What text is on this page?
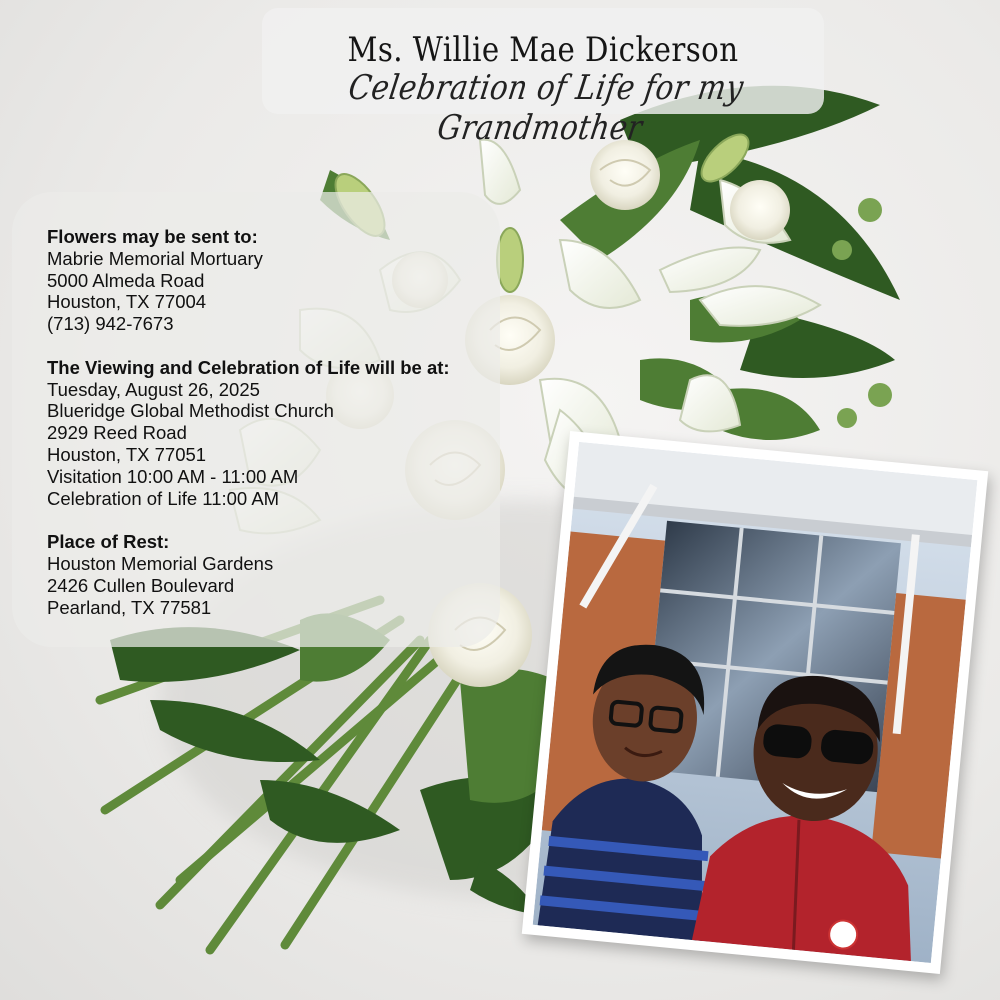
Ms. Willie Mae Dickerson
Celebration of Life for my Grandmother
Flowers may be sent to:
Mabrie Memorial Mortuary
5000 Almeda Road
Houston, TX 77004
(713) 942-7673
The Viewing and Celebration of Life will be at:
Tuesday, August 26, 2025
Blueridge Global Methodist Church
2929 Reed Road
Houston, TX 77051
Visitation 10:00 AM - 11:00 AM
Celebration of Life 11:00 AM
Place of Rest:
Houston Memorial Gardens
2426 Cullen Boulevard
Pearland, TX 77581
